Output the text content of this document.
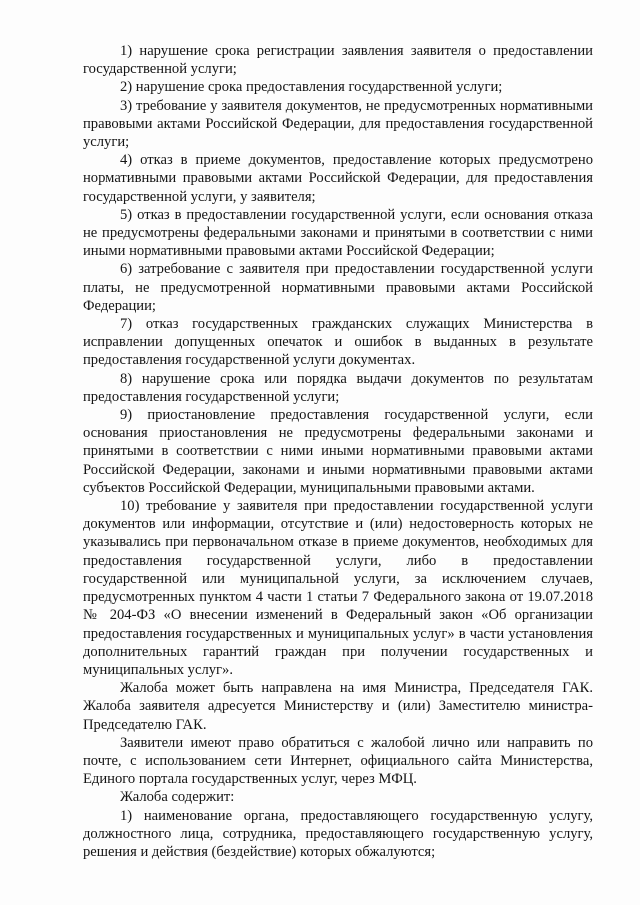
1) нарушение срока регистрации заявления заявителя о предоставлении государственной услуги;

2) нарушение срока предоставления государственной услуги;

3) требование у заявителя документов, не предусмотренных нормативными правовыми актами Российской Федерации, для предоставления государственной услуги;

4) отказ в приеме документов, предоставление которых предусмотрено нормативными правовыми актами Российской Федерации, для предоставления государственной услуги, у заявителя;

5) отказ в предоставлении государственной услуги, если основания отказа не предусмотрены федеральными законами и принятыми в соответствии с ними иными нормативными правовыми актами Российской Федерации;

6) затребование с заявителя при предоставлении государственной услуги платы, не предусмотренной нормативными правовыми актами Российской Федерации;

7) отказ государственных гражданских служащих Министерства в исправлении допущенных опечаток и ошибок в выданных в результате предоставления государственной услуги документах.

8) нарушение срока или порядка выдачи документов по результатам предоставления государственной услуги;

9) приостановление предоставления государственной услуги, если основания приостановления не предусмотрены федеральными законами и принятыми в соответствии с ними иными нормативными правовыми актами Российской Федерации, законами и иными нормативными правовыми актами субъектов Российской Федерации, муниципальными правовыми актами.

10) требование у заявителя при предоставлении государственной услуги документов или информации, отсутствие и (или) недостоверность которых не указывались при первоначальном отказе в приеме документов, необходимых для предоставления государственной услуги, либо в предоставлении государственной или муниципальной услуги, за исключением случаев, предусмотренных пунктом 4 части 1 статьи 7 Федерального закона от 19.07.2018 № 204-ФЗ «О внесении изменений в Федеральный закон «Об организации предоставления государственных и муниципальных услуг» в части установления дополнительных гарантий граждан при получении государственных и муниципальных услуг».

Жалоба может быть направлена на имя Министра, Председателя ГАК. Жалоба заявителя адресуется Министерству и (или) Заместителю министра-Председателю ГАК.

Заявители имеют право обратиться с жалобой лично или направить по почте, с использованием сети Интернет, официального сайта Министерства, Единого портала государственных услуг, через МФЦ.

Жалоба содержит:

1) наименование органа, предоставляющего государственную услугу, должностного лица, сотрудника, предоставляющего государственную услугу, решения и действия (бездействие) которых обжалуются;
